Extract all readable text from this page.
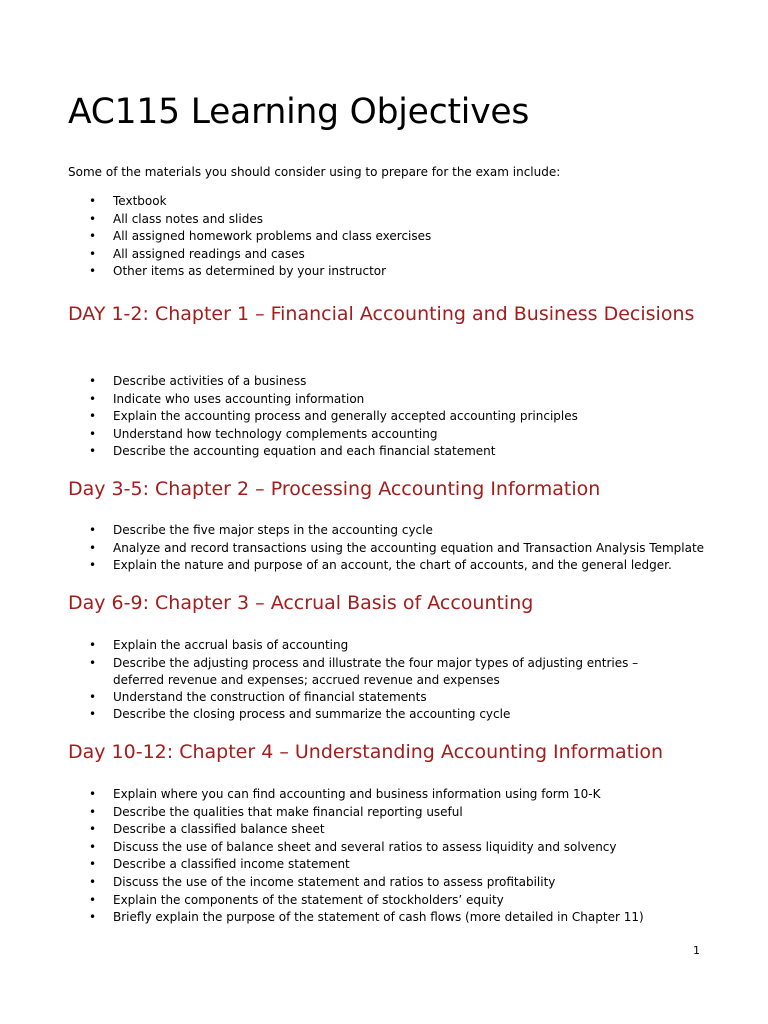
AC115 Learning Objectives

Some of the materials you should consider using to prepare for the exam include:

• Textbook
• All class notes and slides
• All assigned homework problems and class exercises
• All assigned readings and cases
• Other items as determined by your instructor
DAY 1-2: Chapter 1 – Financial Accounting and Business Decisions
• Describe activities of a business
• Indicate who uses accounting information
• Explain the accounting process and generally accepted accounting principles
• Understand how technology complements accounting
• Describe the accounting equation and each financial statement
Day 3-5: Chapter 2 – Processing Accounting Information
• Describe the five major steps in the accounting cycle
• Analyze and record transactions using the accounting equation and Transaction Analysis Template
• Explain the nature and purpose of an account, the chart of accounts, and the general ledger.
Day 6-9: Chapter 3 – Accrual Basis of Accounting
• Explain the accrual basis of accounting
• Describe the adjusting process and illustrate the four major types of adjusting entries – deferred revenue and expenses; accrued revenue and expenses
• Understand the construction of financial statements
• Describe the closing process and summarize the accounting cycle
Day 10-12: Chapter 4 – Understanding Accounting Information
• Explain where you can find accounting and business information using form 10-K
• Describe the qualities that make financial reporting useful
• Describe a classified balance sheet
• Discuss the use of balance sheet and several ratios to assess liquidity and solvency
• Describe a classified income statement
• Discuss the use of the income statement and ratios to assess profitability
• Explain the components of the statement of stockholders’ equity
• Briefly explain the purpose of the statement of cash flows (more detailed in Chapter 11)
1
